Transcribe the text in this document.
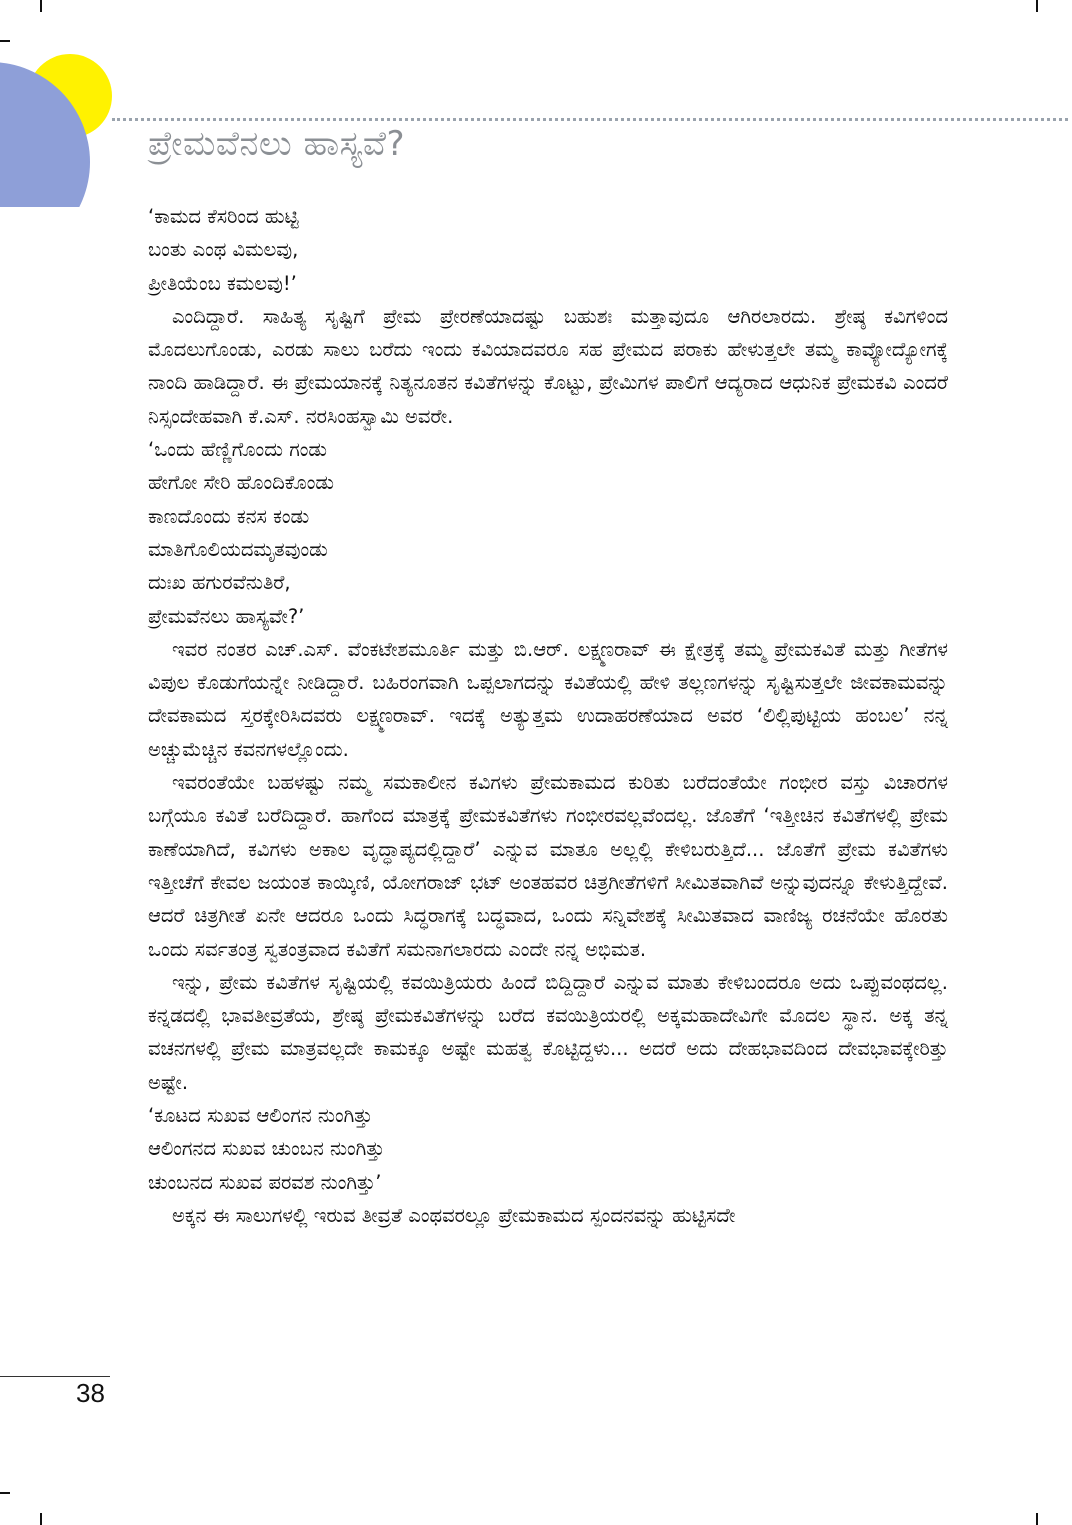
ಪ್ರೇಮವೆನಲು ಹಾಸ್ಯವೆ?
‘ಕಾಮದ ಕೆಸರಿಂದ ಹುಟ್ಟಿ
ಬಂತು ಎಂಥ ವಿಮಲವು,
ಪ್ರೀತಿಯೆಂಬ ಕಮಲವು!’
ಎಂದಿದ್ದಾರೆ. ಸಾಹಿತ್ಯ ಸೃಷ್ಟಿಗೆ ಪ್ರೇಮ ಪ್ರೇರಣೆಯಾದಷ್ಟು ಬಹುಶಃ ಮತ್ತಾವುದೂ ಆಗಿರಲಾರದು. ಶ್ರೇಷ್ಠ ಕವಿಗಳಿಂದ ಮೊದಲುಗೊಂಡು, ಎರಡು ಸಾಲು ಬರೆದು ಇಂದು ಕವಿಯಾದವರೂ ಸಹ ಪ್ರೇಮದ ಪರಾಕು ಹೇಳುತ್ತಲೇ ತಮ್ಮ ಕಾವ್ಯೋದ್ಯೋಗಕ್ಕೆ ನಾಂದಿ ಹಾಡಿದ್ದಾರೆ. ಈ ಪ್ರೇಮಯಾನಕ್ಕೆ ನಿತ್ಯನೂತನ ಕವಿತೆಗಳನ್ನು ಕೊಟ್ಟು, ಪ್ರೇಮಿಗಳ ಪಾಲಿಗೆ ಆದ್ಯರಾದ ಆಧುನಿಕ ಪ್ರೇಮಕವಿ ಎಂದರೆ ನಿಸ್ಸಂದೇಹವಾಗಿ ಕೆ.ಎಸ್. ನರಸಿಂಹಸ್ವಾಮಿ ಅವರೇ.
‘ಒಂದು ಹೆಣ್ಣಿಗೊಂದು ಗಂಡು
ಹೇಗೋ ಸೇರಿ ಹೊಂದಿಕೊಂಡು
ಕಾಣದೊಂದು ಕನಸ ಕಂಡು
ಮಾತಿಗೊಲಿಯದಮೃತವುಂಡು
ದುಃಖ ಹಗುರವೆನುತಿರೆ,
ಪ್ರೇಮವೆನಲು ಹಾಸ್ಯವೇ?’
ಇವರ ನಂತರ ಎಚ್.ಎಸ್. ವೆಂಕಟೇಶಮೂರ್ತಿ ಮತ್ತು ಬಿ.ಆರ್. ಲಕ್ಷ್ಮಣರಾವ್ ಈ ಕ್ಷೇತ್ರಕ್ಕೆ ತಮ್ಮ ಪ್ರೇಮಕವಿತೆ ಮತ್ತು ಗೀತೆಗಳ ವಿಪುಲ ಕೊಡುಗೆಯನ್ನೇ ನೀಡಿದ್ದಾರೆ. ಬಹಿರಂಗವಾಗಿ ಒಪ್ಪಲಾಗದನ್ನು ಕವಿತೆಯಲ್ಲಿ ಹೇಳಿ ತಲ್ಲಣಗಳನ್ನು ಸೃಷ್ಟಿಸುತ್ತಲೇ ಜೀವಕಾಮವನ್ನು ದೇವಕಾಮದ ಸ್ತರಕ್ಕೇರಿಸಿದವರು ಲಕ್ಷ್ಮಣರಾವ್. ಇದಕ್ಕೆ ಅತ್ಯುತ್ತಮ ಉದಾಹರಣೆಯಾದ ಅವರ ‘ಲಿಲ್ಲಿಪುಟ್ಟಿಯ ಹಂಬಲ’ ನನ್ನ ಅಚ್ಚುಮೆಚ್ಚಿನ ಕವನಗಳಲ್ಲೊಂದು.
ಇವರಂತೆಯೇ ಬಹಳಷ್ಟು ನಮ್ಮ ಸಮಕಾಲೀನ ಕವಿಗಳು ಪ್ರೇಮಕಾಮದ ಕುರಿತು ಬರೆದಂತೆಯೇ ಗಂಭೀರ ವಸ್ತು ವಿಚಾರಗಳ ಬಗ್ಗೆಯೂ ಕವಿತೆ ಬರೆದಿದ್ದಾರೆ. ಹಾಗೆಂದ ಮಾತ್ರಕ್ಕೆ ಪ್ರೇಮಕವಿತೆಗಳು ಗಂಭೀರವಲ್ಲವೆಂದಲ್ಲ. ಜೊತೆಗೆ ‘ಇತ್ತೀಚಿನ ಕವಿತೆಗಳಲ್ಲಿ ಪ್ರೇಮ ಕಾಣೆಯಾಗಿದೆ, ಕವಿಗಳು ಅಕಾಲ ವೃದ್ಧಾಪ್ಯದಲ್ಲಿದ್ದಾರೆ’ ಎನ್ನುವ ಮಾತೂ ಅಲ್ಲಲ್ಲಿ ಕೇಳಿಬರುತ್ತಿದೆ... ಜೊತೆಗೆ ಪ್ರೇಮ ಕವಿತೆಗಳು ಇತ್ತೀಚೆಗೆ ಕೇವಲ ಜಯಂತ ಕಾಯ್ಕಿಣಿ, ಯೋಗರಾಜ್ ಭಟ್ ಅಂತಹವರ ಚಿತ್ರಗೀತೆಗಳಿಗೆ ಸೀಮಿತವಾಗಿವೆ ಅನ್ನುವುದನ್ನೂ ಕೇಳುತ್ತಿದ್ದೇವೆ. ಆದರೆ ಚಿತ್ರಗೀತೆ ಏನೇ ಆದರೂ ಒಂದು ಸಿದ್ಧರಾಗಕ್ಕೆ ಬದ್ಧವಾದ, ಒಂದು ಸನ್ನಿವೇಶಕ್ಕೆ ಸೀಮಿತವಾದ ವಾಣಿಜ್ಯ ರಚನೆಯೇ ಹೊರತು ಒಂದು ಸರ್ವತಂತ್ರ ಸ್ವತಂತ್ರವಾದ ಕವಿತೆಗೆ ಸಮನಾಗಲಾರದು ಎಂದೇ ನನ್ನ ಅಭಿಮತ.
ಇನ್ನು, ಪ್ರೇಮ ಕವಿತೆಗಳ ಸೃಷ್ಟಿಯಲ್ಲಿ ಕವಯಿತ್ರಿಯರು ಹಿಂದೆ ಬಿದ್ದಿದ್ದಾರೆ ಎನ್ನುವ ಮಾತು ಕೇಳಿಬಂದರೂ ಅದು ಒಪ್ಪುವಂಥದಲ್ಲ. ಕನ್ನಡದಲ್ಲಿ ಭಾವತೀವ್ರತೆಯ, ಶ್ರೇಷ್ಠ ಪ್ರೇಮಕವಿತೆಗಳನ್ನು ಬರೆದ ಕವಯಿತ್ರಿಯರಲ್ಲಿ ಅಕ್ಕಮಹಾದೇವಿಗೇ ಮೊದಲ ಸ್ಥಾನ. ಅಕ್ಕ ತನ್ನ ವಚನಗಳಲ್ಲಿ ಪ್ರೇಮ ಮಾತ್ರವಲ್ಲದೇ ಕಾಮಕ್ಕೂ ಅಷ್ಟೇ ಮಹತ್ವ ಕೊಟ್ಟಿದ್ದಳು... ಅದರೆ ಅದು ದೇಹಭಾವದಿಂದ ದೇವಭಾವಕ್ಕೇರಿತ್ತು ಅಷ್ಟೇ.
‘ಕೂಟದ ಸುಖವ ಆಲಿಂಗನ ನುಂಗಿತ್ತು
ಆಲಿಂಗನದ ಸುಖವ ಚುಂಬನ ನುಂಗಿತ್ತು
ಚುಂಬನದ ಸುಖವ ಪರವಶ ನುಂಗಿತ್ತು’
ಅಕ್ಕನ ಈ ಸಾಲುಗಳಲ್ಲಿ ಇರುವ ತೀವ್ರತೆ ಎಂಥವರಲ್ಲೂ ಪ್ರೇಮಕಾಮದ ಸ್ಪಂದನವನ್ನು ಹುಟ್ಟಿಸದೇ
38
